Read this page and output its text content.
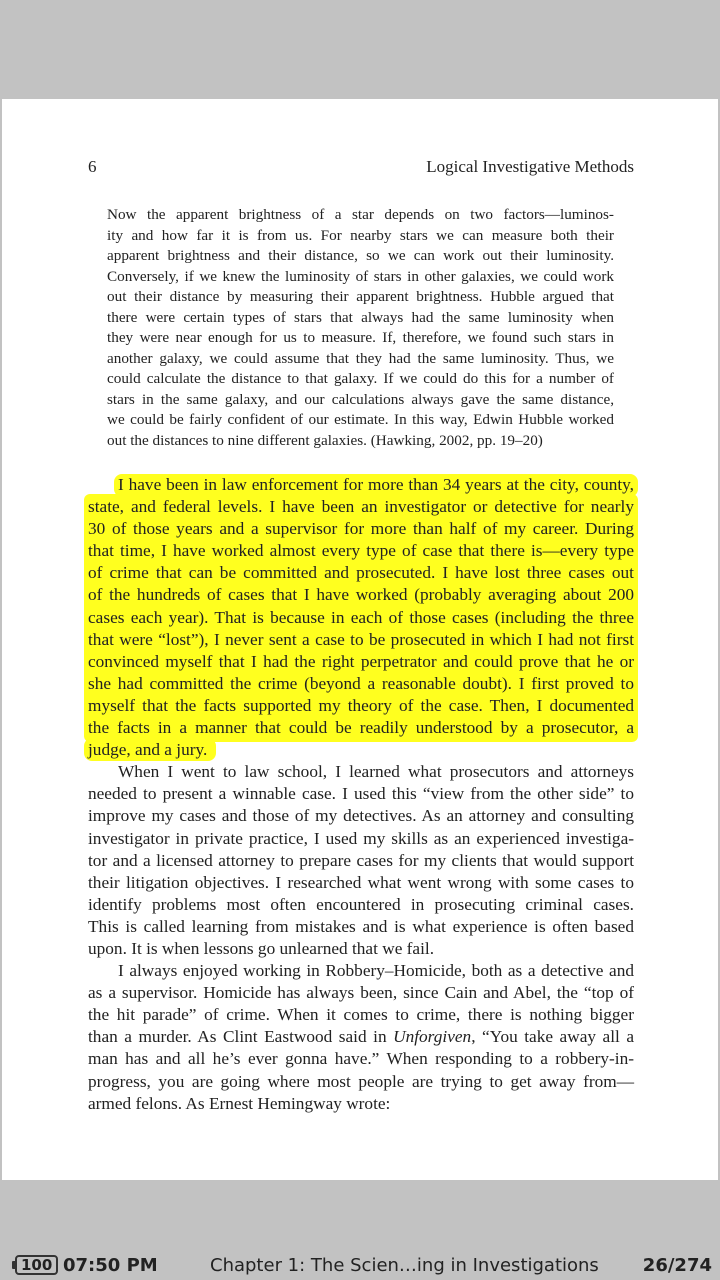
6	Logical Investigative Methods
Now the apparent brightness of a star depends on two factors—luminos-
ity and how far it is from us. For nearby stars we can measure both their
apparent brightness and their distance, so we can work out their luminosity.
Conversely, if we knew the luminosity of stars in other galaxies, we could work
out their distance by measuring their apparent brightness. Hubble argued that
there were certain types of stars that always had the same luminosity when
they were near enough for us to measure. If, therefore, we found such stars in
another galaxy, we could assume that they had the same luminosity. Thus, we
could calculate the distance to that galaxy. If we could do this for a number of
stars in the same galaxy, and our calculations always gave the same distance,
we could be fairly confident of our estimate. In this way, Edwin Hubble worked
out the distances to nine different galaxies. (Hawking, 2002, pp. 19–20)
I have been in law enforcement for more than 34 years at the city, county,
state, and federal levels. I have been an investigator or detective for nearly
30 of those years and a supervisor for more than half of my career. During
that time, I have worked almost every type of case that there is—every type
of crime that can be committed and prosecuted. I have lost three cases out
of the hundreds of cases that I have worked (probably averaging about 200
cases each year). That is because in each of those cases (including the three
that were “lost”), I never sent a case to be prosecuted in which I had not first
convinced myself that I had the right perpetrator and could prove that he or
she had committed the crime (beyond a reasonable doubt). I first proved to
myself that the facts supported my theory of the case. Then, I documented
the facts in a manner that could be readily understood by a prosecutor, a
judge, and a jury.
When I went to law school, I learned what prosecutors and attorneys
needed to present a winnable case. I used this “view from the other side” to
improve my cases and those of my detectives. As an attorney and consulting
investigator in private practice, I used my skills as an experienced investiga-
tor and a licensed attorney to prepare cases for my clients that would support
their litigation objectives. I researched what went wrong with some cases to
identify problems most often encountered in prosecuting criminal cases.
This is called learning from mistakes and is what experience is often based
upon. It is when lessons go unlearned that we fail.
I always enjoyed working in Robbery–Homicide, both as a detective and
as a supervisor. Homicide has always been, since Cain and Abel, the “top of
the hit parade” of crime. When it comes to crime, there is nothing bigger
than a murder. As Clint Eastwood said in Unforgiven, “You take away all a
man has and all he’s ever gonna have.” When responding to a robbery-in-
progress, you are going where most people are trying to get away from—
armed felons. As Ernest Hemingway wrote:
100 07:50 PM	Chapter 1: The Scien…ing in Investigations 26/274
